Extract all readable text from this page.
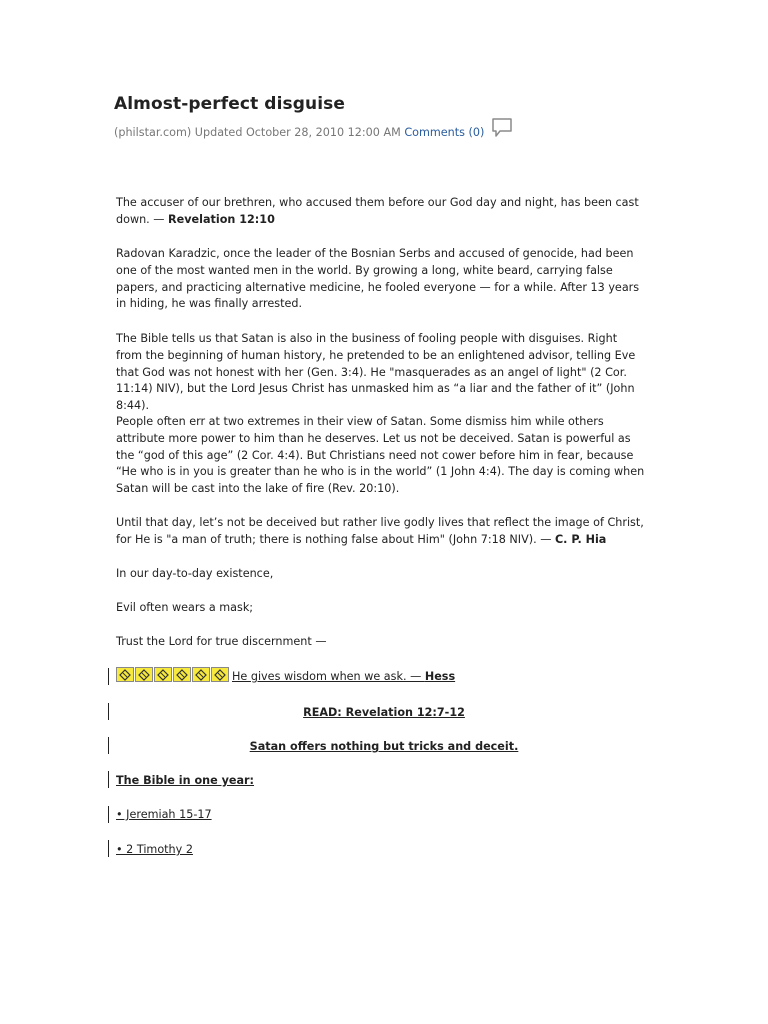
Almost-perfect disguise
(philstar.com) Updated October 28, 2010 12:00 AM Comments (0)

The accuser of our brethren, who accused them before our God day and night, has been cast down. — Revelation 12:10

Radovan Karadzic, once the leader of the Bosnian Serbs and accused of genocide, had been one of the most wanted men in the world. By growing a long, white beard, carrying false papers, and practicing alternative medicine, he fooled everyone — for a while. After 13 years in hiding, he was finally arrested.

The Bible tells us that Satan is also in the business of fooling people with disguises. Right from the beginning of human history, he pretended to be an enlightened advisor, telling Eve that God was not honest with her (Gen. 3:4). He "masquerades as an angel of light" (2 Cor. 11:14) NIV), but the Lord Jesus Christ has unmasked him as “a liar and the father of it” (John 8:44).

People often err at two extremes in their view of Satan. Some dismiss him while others attribute more power to him than he deserves. Let us not be deceived. Satan is powerful as the “god of this age” (2 Cor. 4:4). But Christians need not cower before him in fear, because “He who is in you is greater than he who is in the world” (1 John 4:4). The day is coming when Satan will be cast into the lake of fire (Rev. 20:10).

Until that day, let’s not be deceived but rather live godly lives that reflect the image of Christ, for He is "a man of truth; there is nothing false about Him" (John 7:18 NIV). — C. P. Hia

In our day-to-day existence,
Evil often wears a mask;
Trust the Lord for true discernment —
He gives wisdom when we ask. — Hess
READ: Revelation 12:7-12
Satan offers nothing but tricks and deceit.
The Bible in one year:
• Jeremiah 15-17
• 2 Timothy 2
